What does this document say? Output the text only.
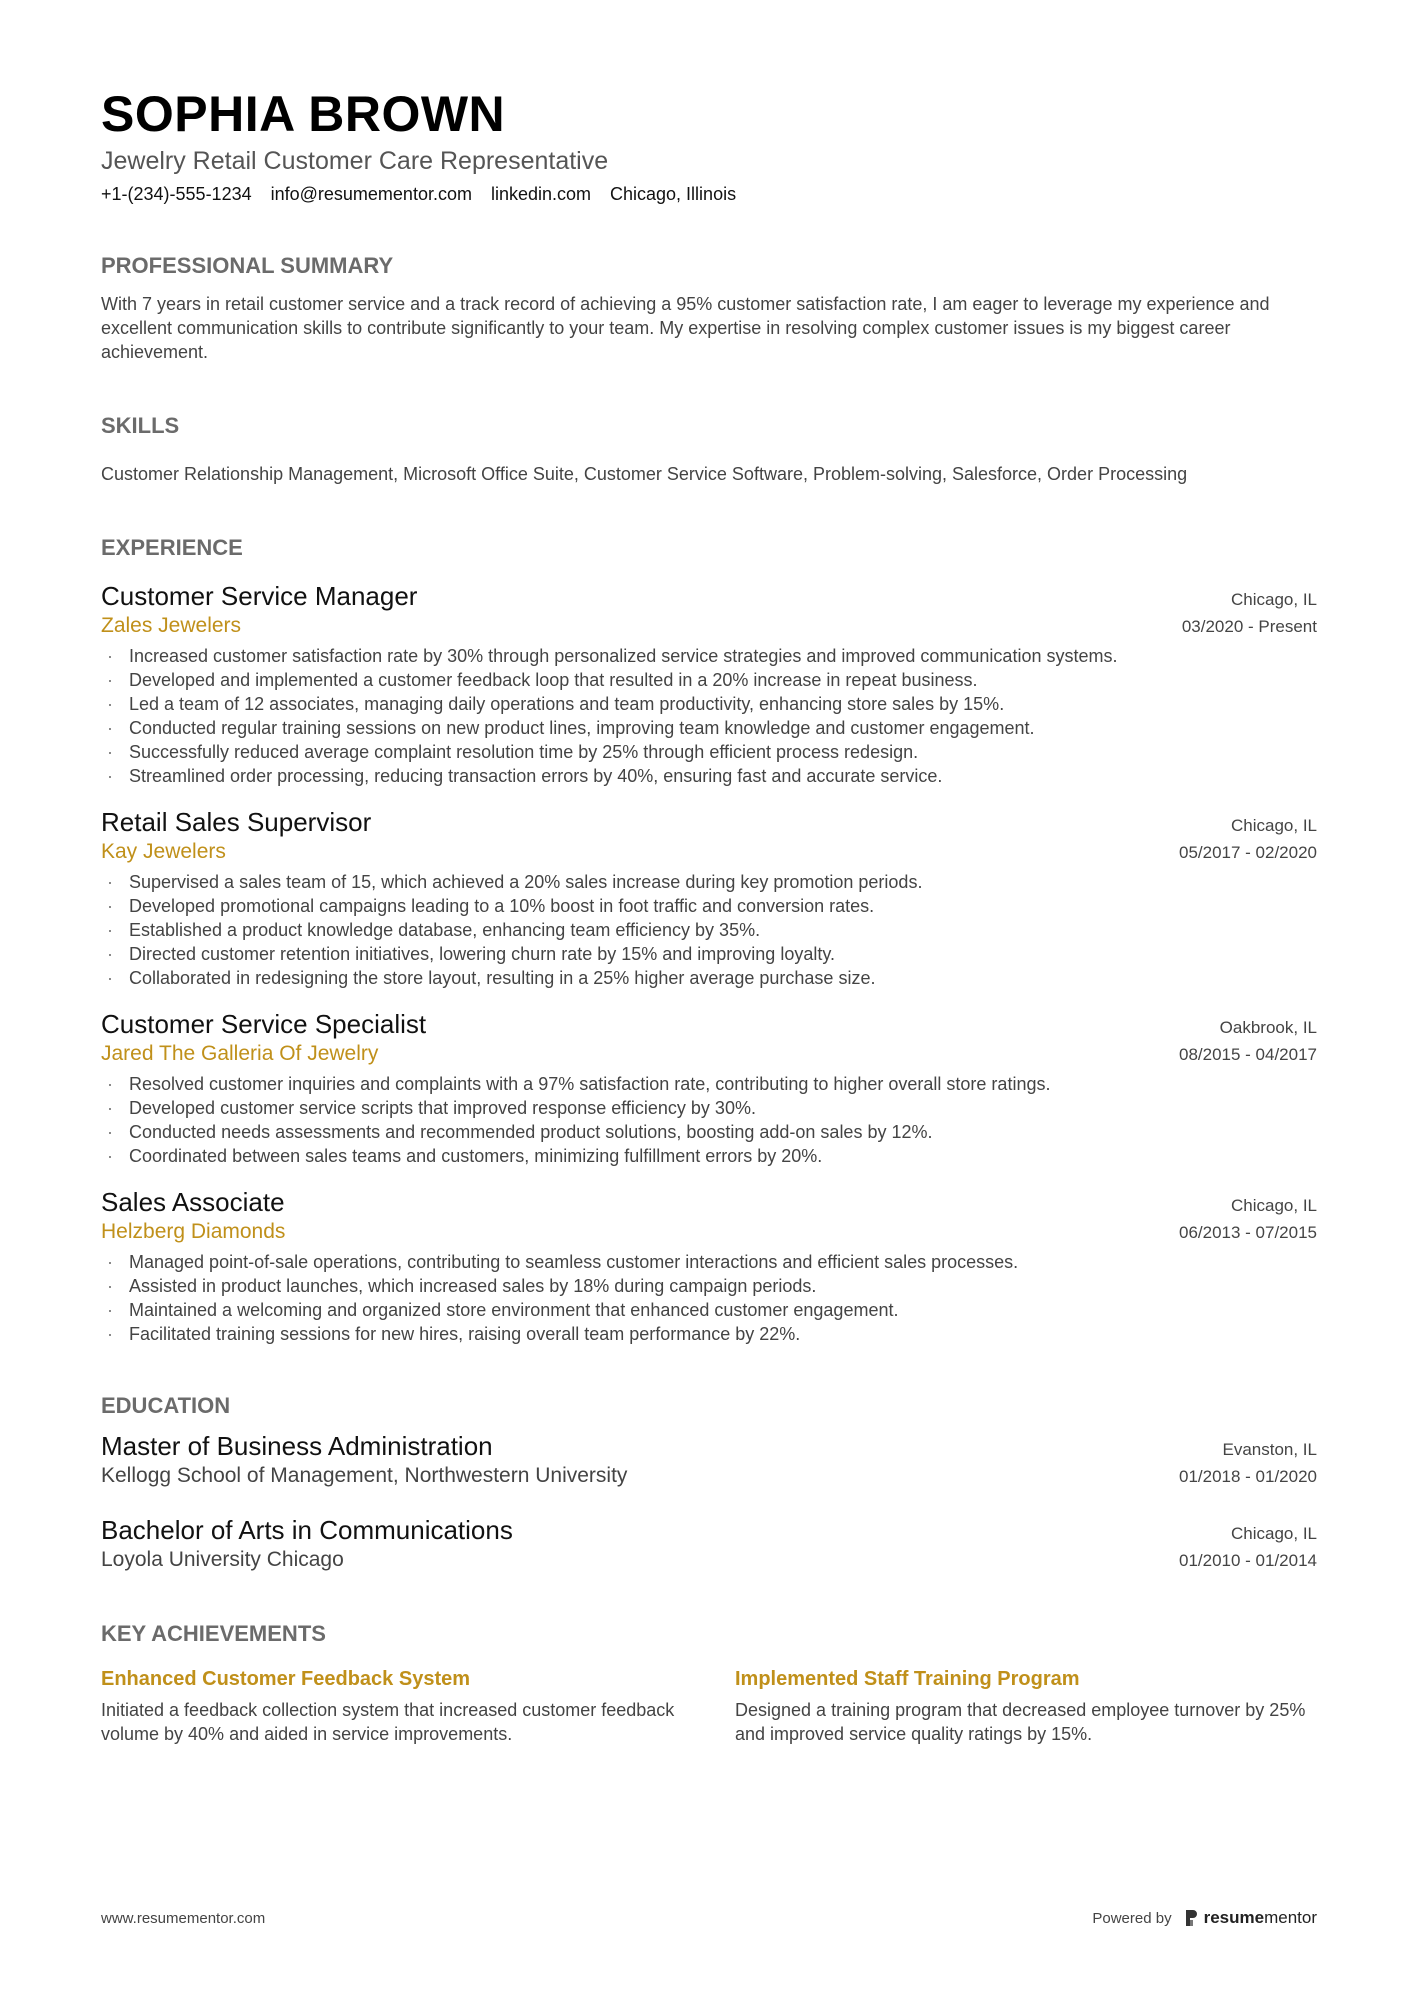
SOPHIA BROWN
Jewelry Retail Customer Care Representative
+1-(234)-555-1234 info@resumementor.com linkedin.com Chicago, Illinois
PROFESSIONAL SUMMARY
With 7 years in retail customer service and a track record of achieving a 95% customer satisfaction rate, I am eager to leverage my experience and excellent communication skills to contribute significantly to your team. My expertise in resolving complex customer issues is my biggest career achievement.
SKILLS
Customer Relationship Management, Microsoft Office Suite, Customer Service Software, Problem-solving, Salesforce, Order Processing
EXPERIENCE
Customer Service Manager	Chicago, IL
Zales Jewelers	03/2020 - Present
· Increased customer satisfaction rate by 30% through personalized service strategies and improved communication systems.
· Developed and implemented a customer feedback loop that resulted in a 20% increase in repeat business.
· Led a team of 12 associates, managing daily operations and team productivity, enhancing store sales by 15%.
· Conducted regular training sessions on new product lines, improving team knowledge and customer engagement.
· Successfully reduced average complaint resolution time by 25% through efficient process redesign.
· Streamlined order processing, reducing transaction errors by 40%, ensuring fast and accurate service.
Retail Sales Supervisor	Chicago, IL
Kay Jewelers	05/2017 - 02/2020
· Supervised a sales team of 15, which achieved a 20% sales increase during key promotion periods.
· Developed promotional campaigns leading to a 10% boost in foot traffic and conversion rates.
· Established a product knowledge database, enhancing team efficiency by 35%.
· Directed customer retention initiatives, lowering churn rate by 15% and improving loyalty.
· Collaborated in redesigning the store layout, resulting in a 25% higher average purchase size.
Customer Service Specialist	Oakbrook, IL
Jared The Galleria Of Jewelry	08/2015 - 04/2017
· Resolved customer inquiries and complaints with a 97% satisfaction rate, contributing to higher overall store ratings.
· Developed customer service scripts that improved response efficiency by 30%.
· Conducted needs assessments and recommended product solutions, boosting add-on sales by 12%.
· Coordinated between sales teams and customers, minimizing fulfillment errors by 20%.
Sales Associate	Chicago, IL
Helzberg Diamonds	06/2013 - 07/2015
· Managed point-of-sale operations, contributing to seamless customer interactions and efficient sales processes.
· Assisted in product launches, which increased sales by 18% during campaign periods.
· Maintained a welcoming and organized store environment that enhanced customer engagement.
· Facilitated training sessions for new hires, raising overall team performance by 22%.
EDUCATION
Master of Business Administration	Evanston, IL
Kellogg School of Management, Northwestern University	01/2018 - 01/2020
Bachelor of Arts in Communications	Chicago, IL
Loyola University Chicago	01/2010 - 01/2014
KEY ACHIEVEMENTS
Enhanced Customer Feedback System
Initiated a feedback collection system that increased customer feedback volume by 40% and aided in service improvements.
Implemented Staff Training Program
Designed a training program that decreased employee turnover by 25% and improved service quality ratings by 15%.
www.resumementor.com	Powered by resumementor
